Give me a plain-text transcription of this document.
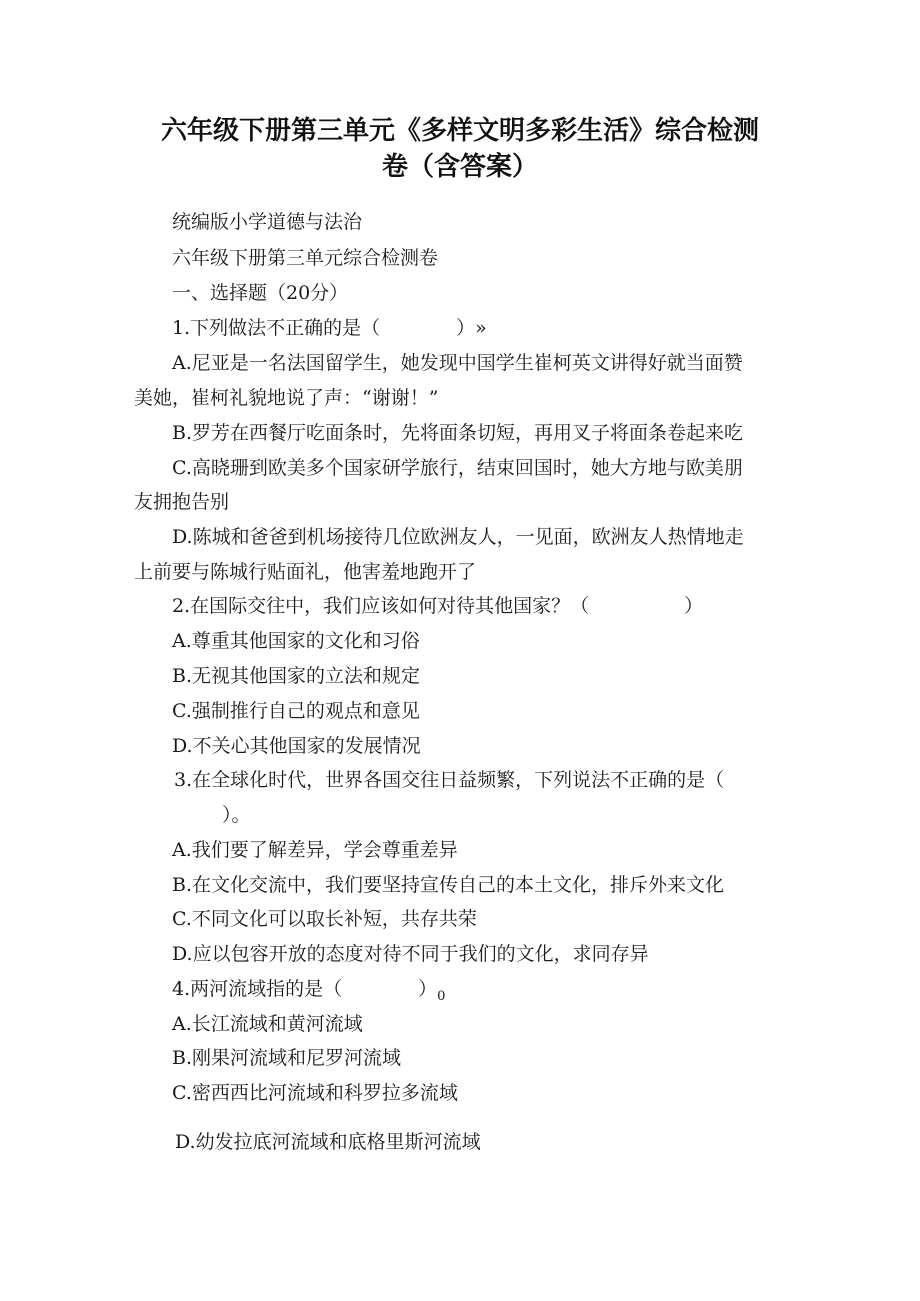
六年级下册第三单元《多样文明多彩生活》综合检测
卷（含答案）
统编版小学道德与法治
六年级下册第三单元综合检测卷
一、选择题（20分）
1.下列做法不正确的是（　　　　）»
A.尼亚是一名法国留学生，她发现中国学生崔柯英文讲得好就当面赞
美她，崔柯礼貌地说了声：“谢谢！”
B.罗芳在西餐厅吃面条时，先将面条切短，再用叉子将面条卷起来吃
C.高晓珊到欧美多个国家研学旅行，结束回国时，她大方地与欧美朋
友拥抱告别
D.陈城和爸爸到机场接待几位欧洲友人，一见面，欧洲友人热情地走
上前要与陈城行贴面礼，他害羞地跑开了
2.在国际交往中，我们应该如何对待其他国家？（　　　　　）
A.尊重其他国家的文化和习俗
B.无视其他国家的立法和规定
C.强制推行自己的观点和意见
D.不关心其他国家的发展情况
3.在全球化时代，世界各国交往日益频繁，下列说法不正确的是（
）。
A.我们要了解差异，学会尊重差异
B.在文化交流中，我们要坚持宣传自己的本土文化，排斥外来文化
C.不同文化可以取长补短，共存共荣
D.应以包容开放的态度对待不同于我们的文化，求同存异
4.两河流域指的是（　　　　）$_0$
A.长江流域和黄河流域
B.刚果河流域和尼罗河流域
C.密西西比河流域和科罗拉多流域
D.幼发拉底河流域和底格里斯河流域
